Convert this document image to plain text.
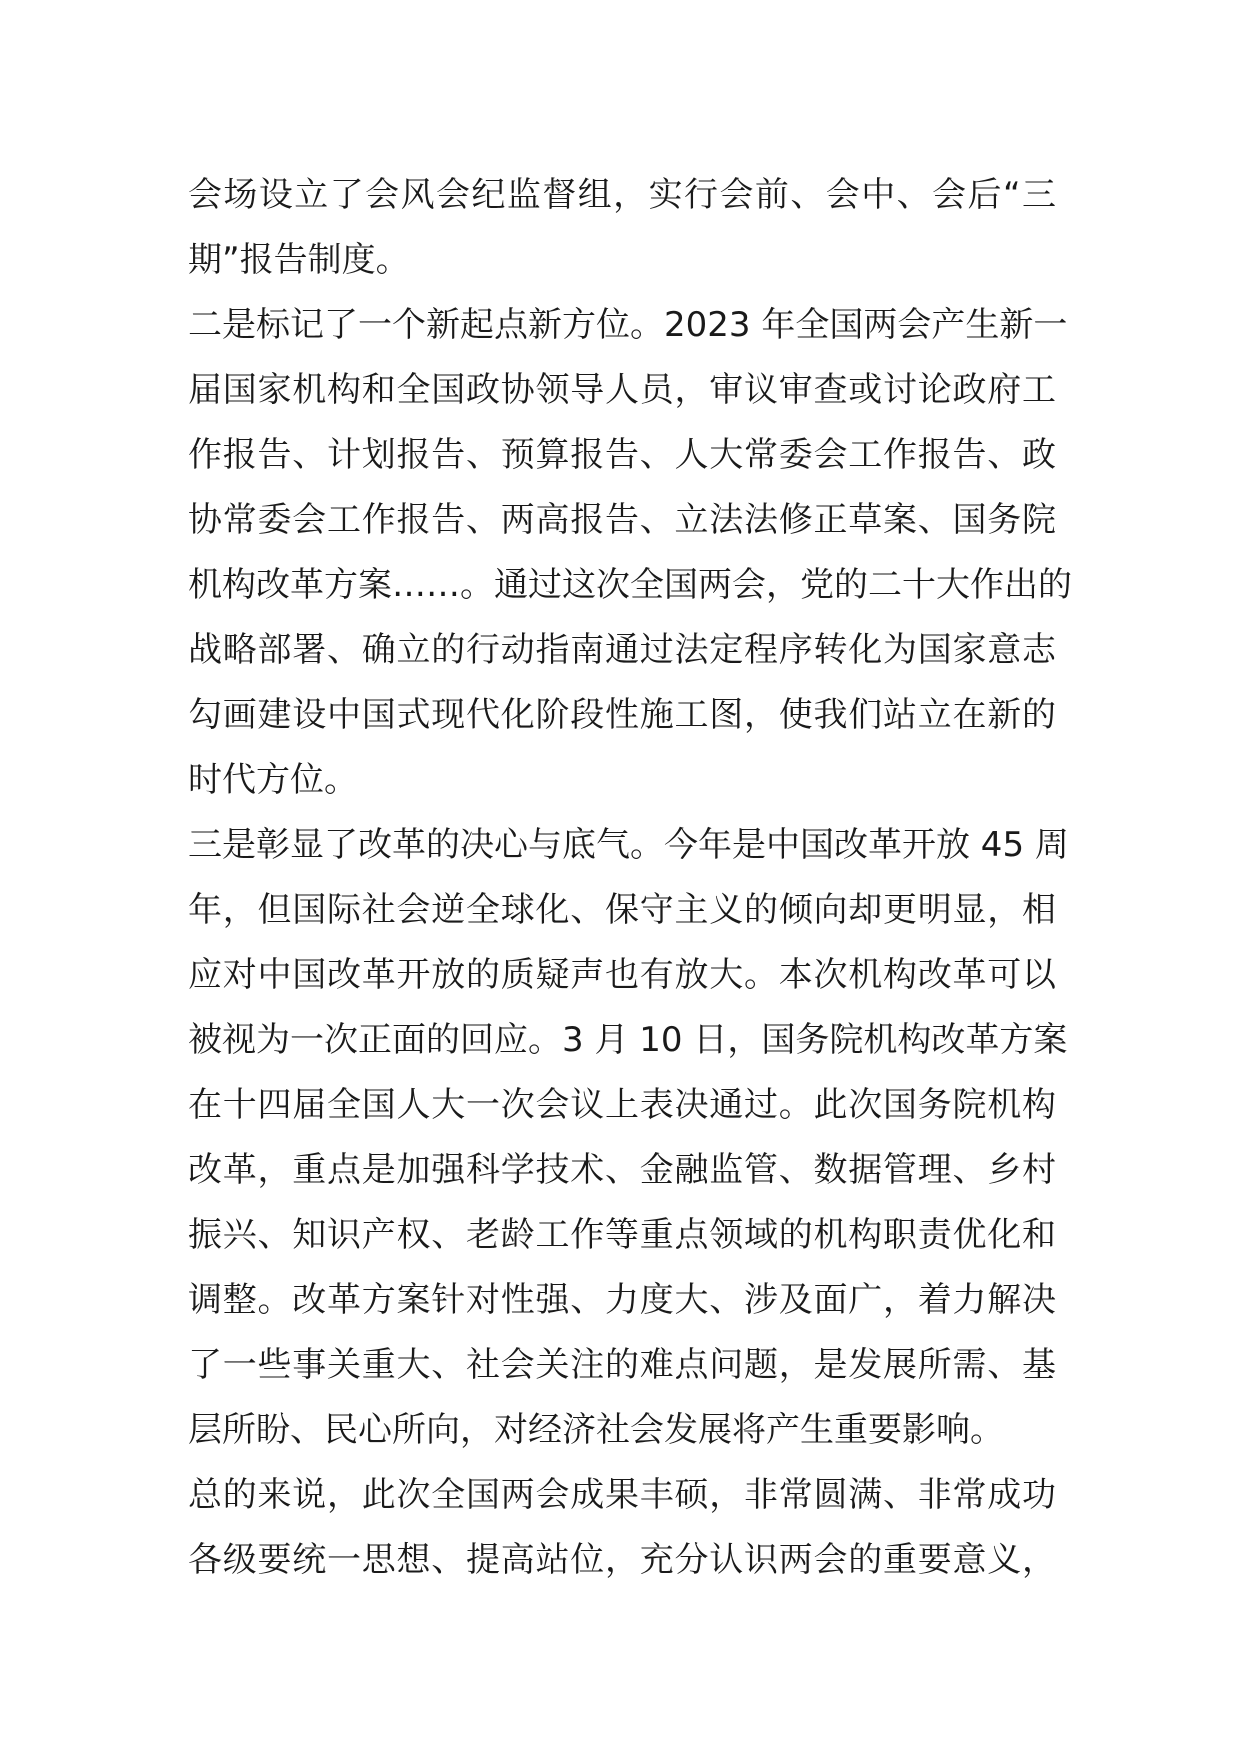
会场设立了会风会纪监督组，实行会前、会中、会后“三
期”报告制度。
二是标记了一个新起点新方位。2023 年全国两会产生新一
届国家机构和全国政协领导人员，审议审查或讨论政府工
作报告、计划报告、预算报告、人大常委会工作报告、政
协常委会工作报告、两高报告、立法法修正草案、国务院
机构改革方案……。通过这次全国两会，党的二十大作出的
战略部署、确立的行动指南通过法定程序转化为国家意志
勾画建设中国式现代化阶段性施工图，使我们站立在新的
时代方位。
三是彰显了改革的决心与底气。今年是中国改革开放 45 周
年，但国际社会逆全球化、保守主义的倾向却更明显，相
应对中国改革开放的质疑声也有放大。本次机构改革可以
被视为一次正面的回应。3 月 10 日，国务院机构改革方案
在十四届全国人大一次会议上表决通过。此次国务院机构
改革，重点是加强科学技术、金融监管、数据管理、乡村
振兴、知识产权、老龄工作等重点领域的机构职责优化和
调整。改革方案针对性强、力度大、涉及面广，着力解决
了一些事关重大、社会关注的难点问题，是发展所需、基
层所盼、民心所向，对经济社会发展将产生重要影响。
总的来说，此次全国两会成果丰硕，非常圆满、非常成功
各级要统一思想、提高站位，充分认识两会的重要意义，
